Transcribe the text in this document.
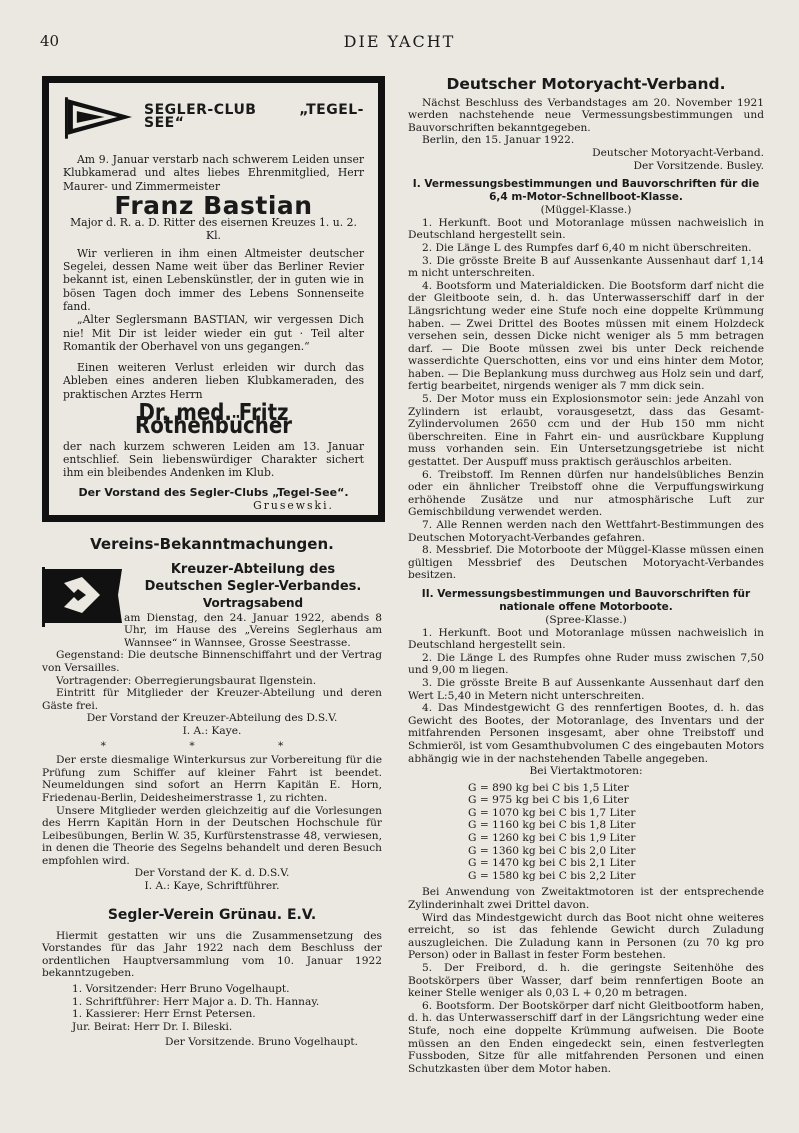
40	DIE YACHT
SEGLER-CLUB „TEGEL-SEE“

Am 9. Januar verstarb nach schwerem Leiden unser Klubkamerad und altes liebes Ehrenmitglied, Herr Maurer- und Zimmermeister

Franz Bastian

Major d. R. a. D. Ritter des eisernen Kreuzes 1. u. 2. Kl.

Wir verlieren in ihm einen Altmeister deutscher Segelei, dessen Name weit über das Berliner Revier bekannt ist, einen Lebenskünstler, der in guten wie in bösen Tagen doch immer des Lebens Sonnenseite fand.

„Alter Seglersmann BASTIAN, wir vergessen Dich nie! Mit Dir ist leider wieder ein gut · Teil alter Romantik der Oberhavel von uns gegangen.“

Einen weiteren Verlust erleiden wir durch das Ableben eines anderen lieben Klubkameraden, des praktischen Arztes Herrn

Dr. med. Fritz Rothenbücher

der nach kurzem schweren Leiden am 13. Januar entschlief. Sein liebenswürdiger Charakter sichert ihm ein bleibendes Andenken im Klub.

Der Vorstand des Segler-Clubs „Tegel-See“.

Grusewski.

Vereins-Bekanntmachungen.
Kreuzer-Abteilung des
Deutschen Segler-Verbandes.
Vortragsabend

am Dienstag, den 24. Januar 1922, abends 8 Uhr, im Hause des „Vereins Seglerhaus am Wannsee“ in Wannsee, Grosse Seestrasse.

Gegenstand: Die deutsche Binnenschiffahrt und der Vertrag von Versailles.

Vortragender: Oberregierungsbaurat Ilgenstein.

Eintritt für Mitglieder der Kreuzer-Abteilung und deren Gäste frei.

Der Vorstand der Kreuzer-Abteilung des D.S.V.

I. A.: Kaye.

* * *

Der erste diesmalige Winterkursus zur Vorbereitung für die Prüfung zum Schiffer auf kleiner Fahrt ist beendet. Neumeldungen sind sofort an Herrn Kapitän E. Horn, Friedenau-Berlin, Deidesheimerstrasse 1, zu richten.

Unsere Mitglieder werden gleichzeitig auf die Vorlesungen des Herrn Kapitän Horn in der Deutschen Hochschule für Leibesübungen, Berlin W. 35, Kurfürstenstrasse 48, verwiesen, in denen die Theorie des Segelns behandelt und deren Besuch empfohlen wird.

Der Vorstand der K. d. D.S.V.

I. A.: Kaye, Schriftführer.

Segler-Verein Grünau. E.V.

Hiermit gestatten wir uns die Zusammensetzung des Vorstandes für das Jahr 1922 nach dem Beschluss der ordentlichen Hauptversammlung vom 10. Januar 1922 bekanntzugeben.

1. Vorsitzender: Herr Bruno Vogelhaupt.

1. Schriftführer: Herr Major a. D. Th. Hannay.

1. Kassierer: Herr Ernst Petersen.

Jur. Beirat: Herr Dr. I. Bileski.

Der Vorsitzende. Bruno Vogelhaupt.

Deutscher Motoryacht-Verband.

Nächst Beschluss des Verbandstages am 20. November 1921 werden nachstehende neue Vermessungsbestimmungen und Bauvorschriften bekanntgegeben.

Berlin, den 15. Januar 1922.

Deutscher Motoryacht-Verband.

Der Vorsitzende. Busley.

I. Vermessungsbestimmungen und Bauvorschriften für die 6,4 m-Motor-Schnellboot-Klasse.

(Müggel-Klasse.)

1. Herkunft. Boot und Motoranlage müssen nachweislich in Deutschland hergestellt sein.

2. Die Länge L des Rumpfes darf 6,40 m nicht überschreiten.

3. Die grösste Breite B auf Aussenkante Aussenhaut darf 1,14 m nicht unterschreiten.

4. Bootsform und Materialdicken. Die Bootsform darf nicht die der Gleitboote sein, d. h. das Unterwasserschiff darf in der Längsrichtung weder eine Stufe noch eine doppelte Krümmung haben. — Zwei Drittel des Bootes müssen mit einem Holzdeck versehen sein, dessen Dicke nicht weniger als 5 mm betragen darf. — Die Boote müssen zwei bis unter Deck reichende wasserdichte Querschotten, eins vor und eins hinter dem Motor, haben. — Die Beplankung muss durchweg aus Holz sein und darf, fertig bearbeitet, nirgends weniger als 7 mm dick sein.

5. Der Motor muss ein Explosionsmotor sein: jede Anzahl von Zylindern ist erlaubt, vorausgesetzt, dass das Gesamt-Zylindervolumen 2650 ccm und der Hub 150 mm nicht überschreiten. Eine in Fahrt ein- und ausrückbare Kupplung muss vorhanden sein. Ein Untersetzungsgetriebe ist nicht gestattet. Der Auspuff muss praktisch geräuschlos arbeiten.

6. Treibstoff. Im Rennen dürfen nur handelsübliches Benzin oder ein ähnlicher Treibstoff ohne die Verpuffungswirkung erhöhende Zusätze und nur atmosphärische Luft zur Gemischbildung verwendet werden.

7. Alle Rennen werden nach den Wettfahrt-Bestimmungen des Deutschen Motoryacht-Verbandes gefahren.

8. Messbrief. Die Motorboote der Müggel-Klasse müssen einen gültigen Messbrief des Deutschen Motoryacht-Verbandes besitzen.

II. Vermessungsbestimmungen und Bauvorschriften für nationale offene Motorboote.

(Spree-Klasse.)

1. Herkunft. Boot und Motoranlage müssen nachweislich in Deutschland hergestellt sein.

2. Die Länge L des Rumpfes ohne Ruder muss zwischen 7,50 und 9,00 m liegen.

3. Die grösste Breite B auf Aussenkante Aussenhaut darf den Wert L:5,40 in Metern nicht unterschreiten.

4. Das Mindestgewicht G des rennfertigen Bootes, d. h. das Gewicht des Bootes, der Motoranlage, des Inventars und der mitfahrenden Personen insgesamt, aber ohne Treibstoff und Schmieröl, ist vom Gesamthubvolumen C des eingebauten Motors abhängig wie in der nachstehenden Tabelle angegeben.

Bei Viertaktmotoren:

G = 890 kg bei C bis 1,5 Liter
G = 975 kg bei C bis 1,6 Liter
G = 1070 kg bei C bis 1,7 Liter
G = 1160 kg bei C bis 1,8 Liter
G = 1260 kg bei C bis 1,9 Liter
G = 1360 kg bei C bis 2,0 Liter
G = 1470 kg bei C bis 2,1 Liter
G = 1580 kg bei C bis 2,2 Liter

Bei Anwendung von Zweitaktmotoren ist der entsprechende Zylinderinhalt zwei Drittel davon.

Wird das Mindestgewicht durch das Boot nicht ohne weiteres erreicht, so ist das fehlende Gewicht durch Zuladung auszugleichen. Die Zuladung kann in Personen (zu 70 kg pro Person) oder in Ballast in fester Form bestehen.

5. Der Freibord, d. h. die geringste Seitenhöhe des Bootskörpers über Wasser, darf beim rennfertigen Boote an keiner Stelle weniger als 0,03 L + 0,20 m betragen.

6. Bootsform. Der Bootskörper darf nicht Gleitbootform haben, d. h. das Unterwasserschiff darf in der Längsrichtung weder eine Stufe, noch eine doppelte Krümmung aufweisen. Die Boote müssen an den Enden eingedeckt sein, einen festverlegten Fussboden, Sitze für alle mitfahrenden Personen und einen Schutzkasten über dem Motor haben.
